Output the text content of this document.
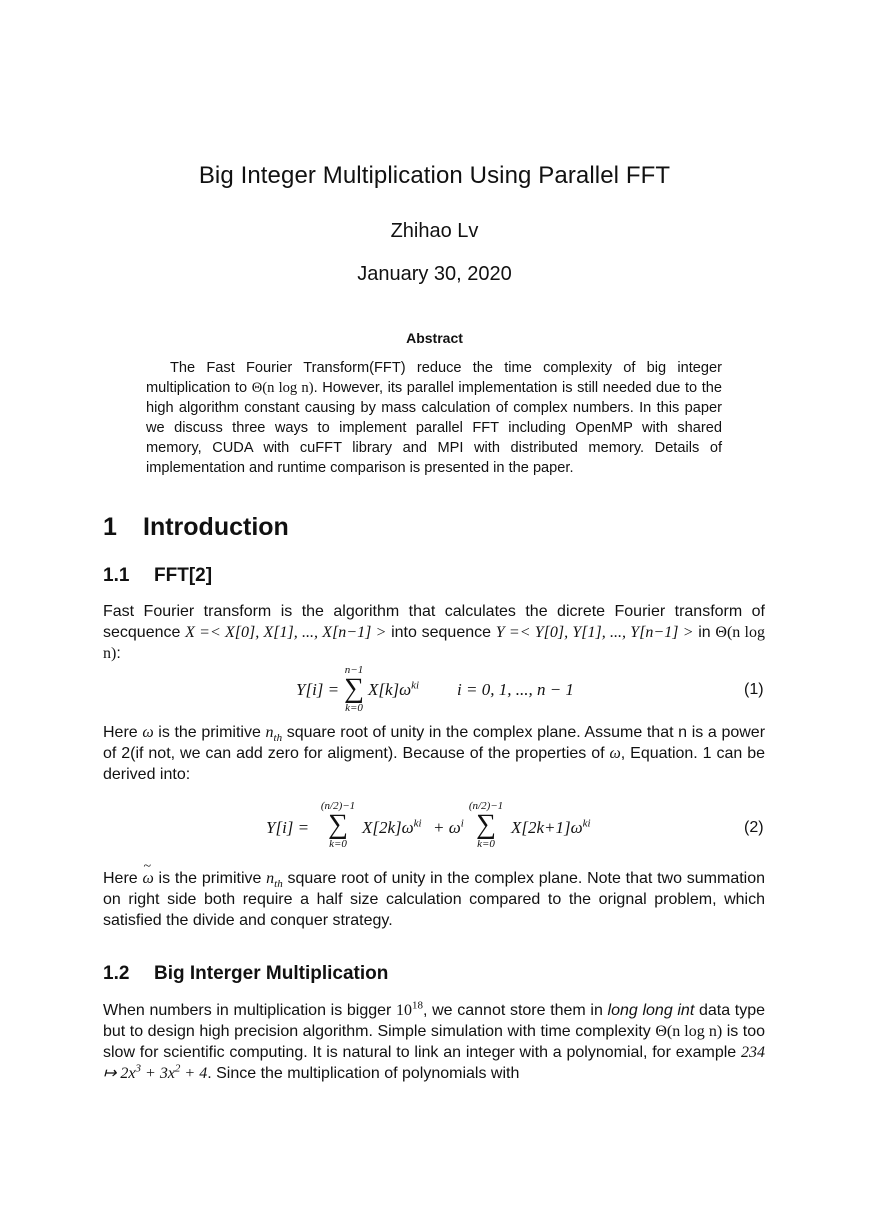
Big Integer Multiplication Using Parallel FFT
Zhihao Lv
January 30, 2020
Abstract

The Fast Fourier Transform(FFT) reduce the time complexity of big integer multiplication to Θ(n log n). However, its parallel implementation is still needed due to the high algorithm constant causing by mass calculation of complex numbers. In this paper we discuss three ways to implement parallel FFT including OpenMP with shared memory, CUDA with cuFFT library and MPI with distributed memory. Details of implementation and runtime comparison is presented in the paper.

1 Introduction
1.1 FFT[2]

Fast Fourier transform is the algorithm that calculates the dicrete Fourier transform of secquence X =< X[0], X[1], ..., X[n−1] > into sequence Y =< Y[0], Y[1], ..., Y[n−1] > in Θ(n log n):

Y[i] =
n−1
∑
k=0
$X[k]\omega^{ki}$ i = 0, 1, ..., n − 1	(1)

Here ω is the primitive $n_{th}$ square root of unity in the complex plane. Assume that n is a power of 2(if not, we can add zero for aligment). Because of the properties of ω, Equation. 1 can be derived into:

Y[i] =
(n/2)−1
∑
k=0
$X[2k]\omega^{ki} + \omega^i$
(n/2)−1
∑
k=0
$X[2k+1]\omega^{ki}$	(2)

Here ~ ω is the primitive $n_{th}$ square root of unity in the complex plane. Note that two summation on right side both require a half size calculation compared to the orignal problem, which satisfied the divide and conquer strategy.

1.2 Big Interger Multiplication

When numbers in multiplication is bigger $10^{18}$, we cannot store them in long long int data type but to design high precision algorithm. Simple simulation with time complexity Θ(n log n) is too slow for scientific computing. It is natural to link an integer with a polynomial, for example 234 ↦ $2x^3 + 3x^2 + 4$. Since the multiplication of polynomials with
